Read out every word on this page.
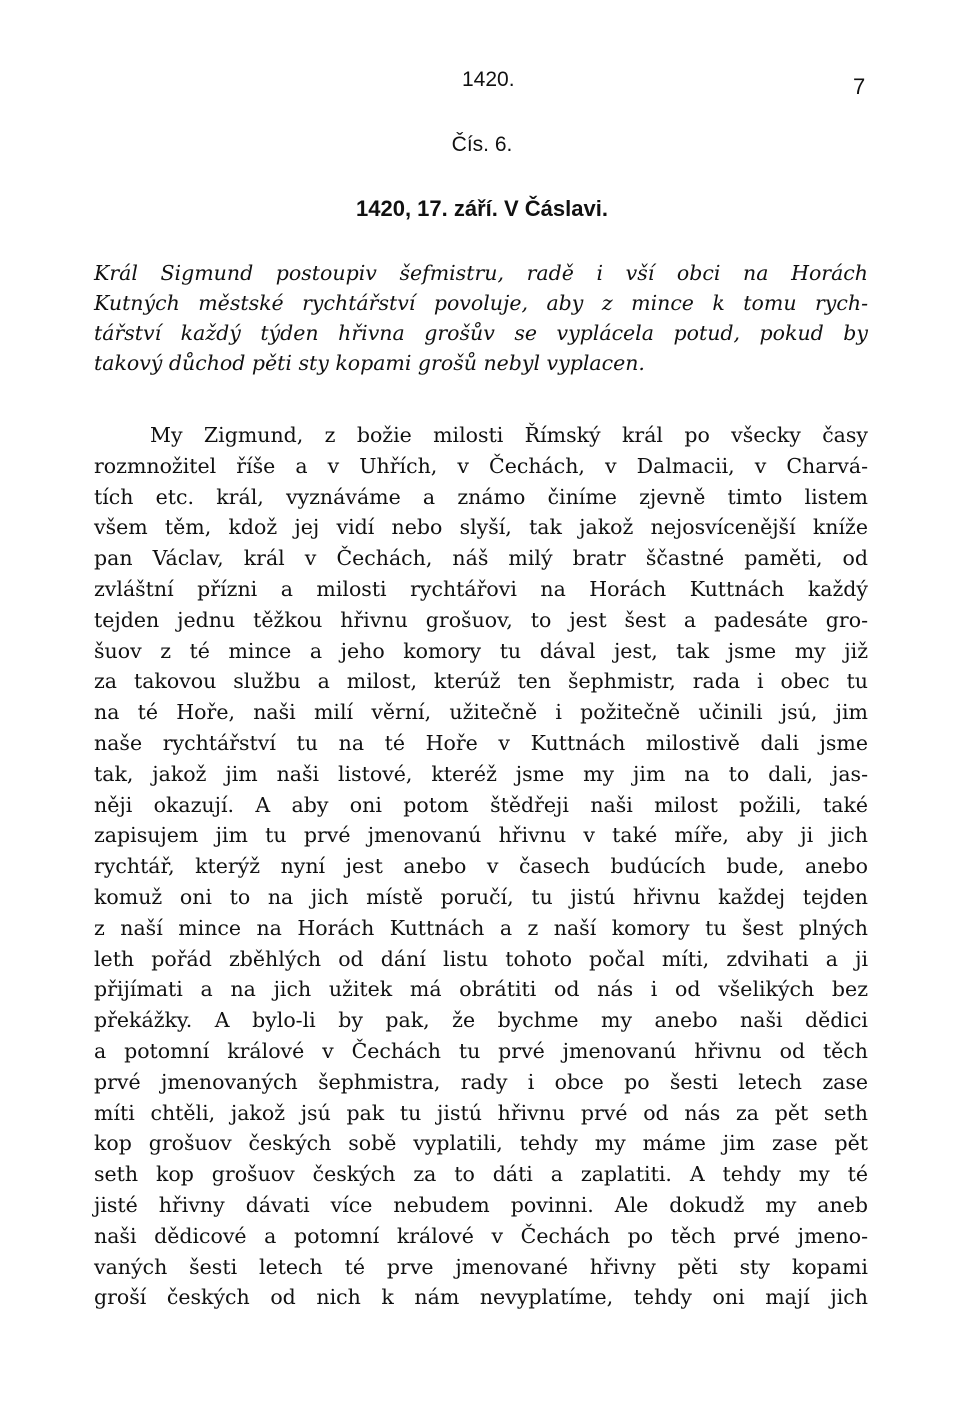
1420.	7
Čís. 6.
1420, 17. září. V Čáslavi.
Král Sigmund postoupiv šefmistru, radě i vší obci na Horách
Kutných městské rychtářství povoluje, aby z mince k tomu rych-
tářství každý týden hřivna grošův se vyplácela potud, pokud by
takový důchod pěti sty kopami grošů nebyl vyplacen.
My Zigmund, z božie milosti Římský král po všecky časy
rozmnožitel říše a v Uhřích, v Čechách, v Dalmacii, v Charvá-
tích etc. král, vyznáváme a známo činíme zjevně timto listem
všem těm, kdož jej vidí nebo slyší, tak jakož nejosvícenější kníže
pan Václav, král v Čechách, náš milý bratr ščastné paměti, od
zvláštní přízni a milosti rychtářovi na Horách Kuttnách každý
tejden jednu těžkou hřivnu grošuov, to jest šest a padesáte gro-
šuov z té mince a jeho komory tu dával jest, tak jsme my již
za takovou službu a milost, kterúž ten šephmistr, rada i obec tu
na té Hoře, naši milí věrní, užitečně i požitečně učinili jsú, jim
naše rychtářství tu na té Hoře v Kuttnách milostivě dali jsme
tak, jakož jim naši listové, kteréž jsme my jim na to dali, jas-
něji okazují. A aby oni potom štědřeji naši milost požili, také
zapisujem jim tu prvé jmenovanú hřivnu v také míře, aby ji jich
rychtář, kterýž nyní jest anebo v časech budúcích bude, anebo
komuž oni to na jich místě poručí, tu jistú hřivnu každej tejden
z naší mince na Horách Kuttnách a z naší komory tu šest plných
leth pořád zběhlých od dání listu tohoto počal míti, zdvihati a ji
přijímati a na jich užitek má obrátiti od nás i od všelikých bez
překážky. A bylo-li by pak, že bychme my anebo naši dědici
a potomní králové v Čechách tu prvé jmenovanú hřivnu od těch
prvé jmenovaných šephmistra, rady i obce po šesti letech zase
míti chtěli, jakož jsú pak tu jistú hřivnu prvé od nás za pět seth
kop grošuov českých sobě vyplatili, tehdy my máme jim zase pět
seth kop grošuov českých za to dáti a zaplatiti. A tehdy my té
jisté hřivny dávati více nebudem povinni. Ale dokudž my aneb
naši dědicové a potomní králové v Čechách po těch prvé jmeno-
vaných šesti letech té prve jmenované hřivny pěti sty kopami
groší českých od nich k nám nevyplatíme, tehdy oni mají jich
